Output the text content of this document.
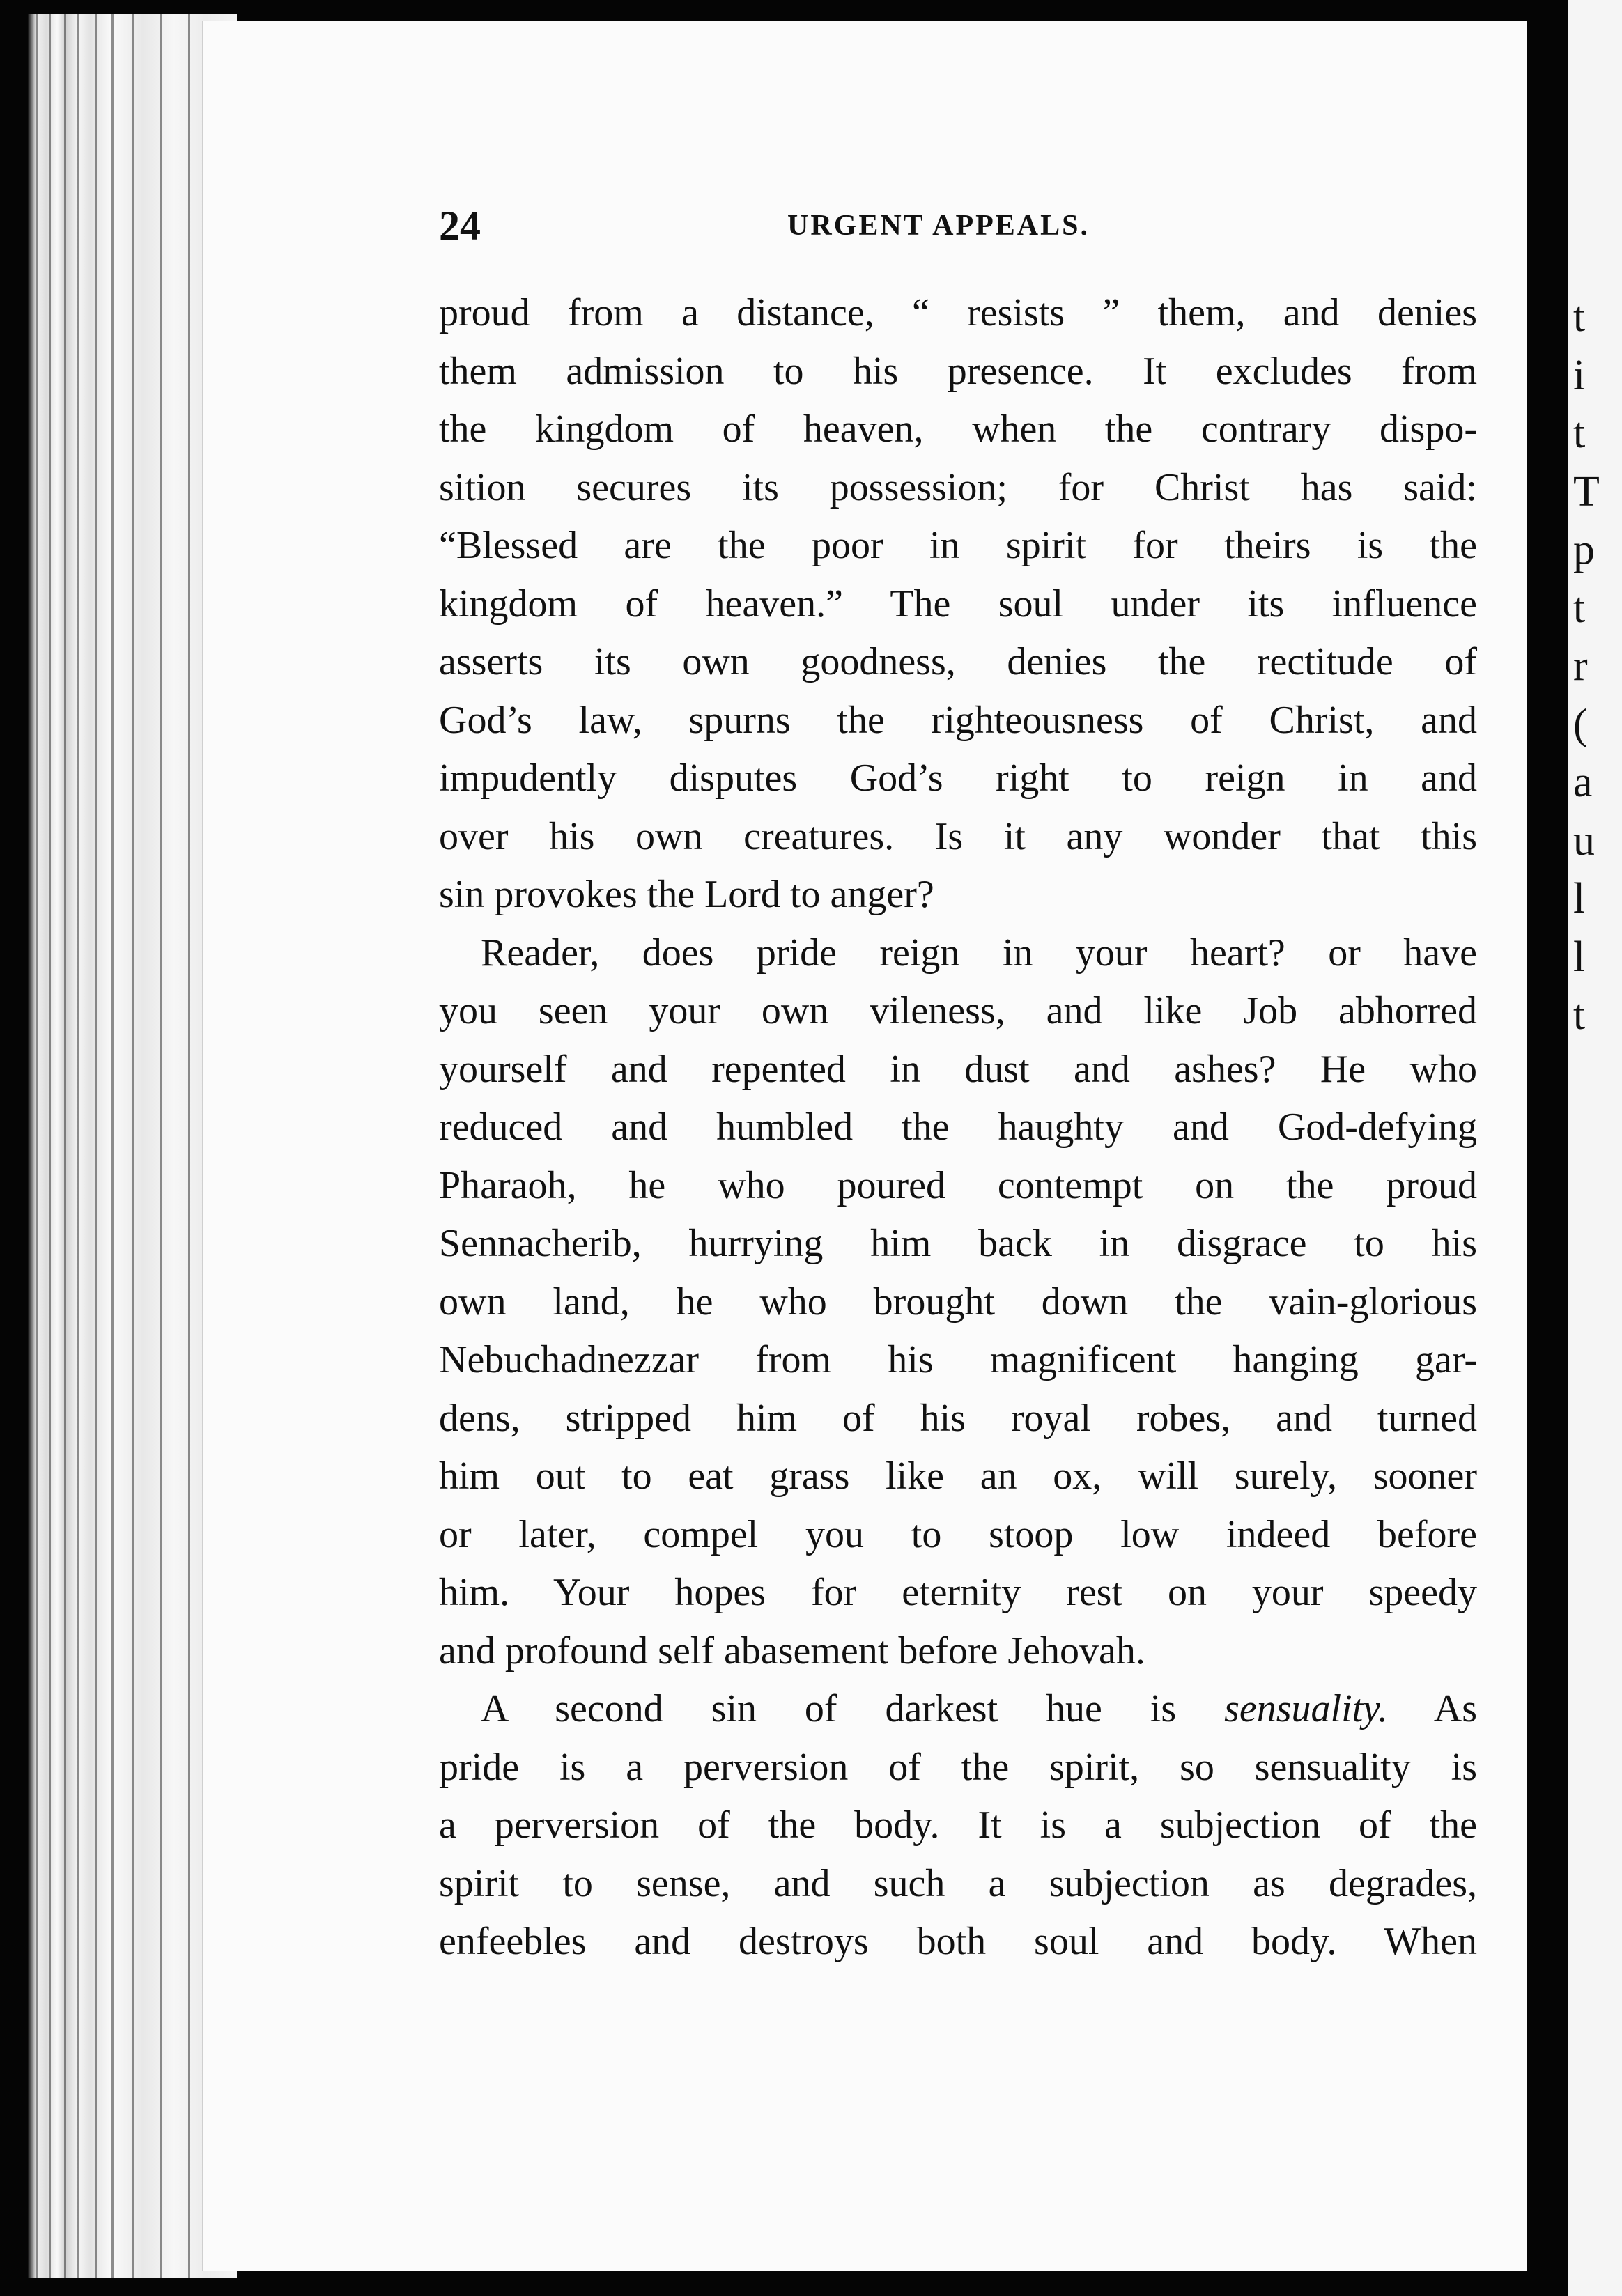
t
i
t
T
p
t
r
(
a
u
l
l
t
24	URGENT APPEALS.
proud from a distance, “ resists ” them, and denies
them admission to his presence. It excludes from
the kingdom of heaven, when the contrary dispo-
sition secures its possession; for Christ has said:
“Blessed are the poor in spirit for theirs is the
kingdom of heaven.” The soul under its influence
asserts its own goodness, denies the rectitude of
God’s law, spurns the righteousness of Christ, and
impudently disputes God’s right to reign in and
over his own creatures. Is it any wonder that this
sin provokes the Lord to anger?
Reader, does pride reign in your heart? or have
you seen your own vileness, and like Job abhorred
yourself and repented in dust and ashes? He who
reduced and humbled the haughty and God-defying
Pharaoh, he who poured contempt on the proud
Sennacherib, hurrying him back in disgrace to his
own land, he who brought down the vain-glorious
Nebuchadnezzar from his magnificent hanging gar-
dens, stripped him of his royal robes, and turned
him out to eat grass like an ox, will surely, sooner
or later, compel you to stoop low indeed before
him. Your hopes for eternity rest on your speedy
and profound self abasement before Jehovah.
A second sin of darkest hue is sensuality. As
pride is a perversion of the spirit, so sensuality is
a perversion of the body. It is a subjection of the
spirit to sense, and such a subjection as degrades,
enfeebles and destroys both soul and body. When
